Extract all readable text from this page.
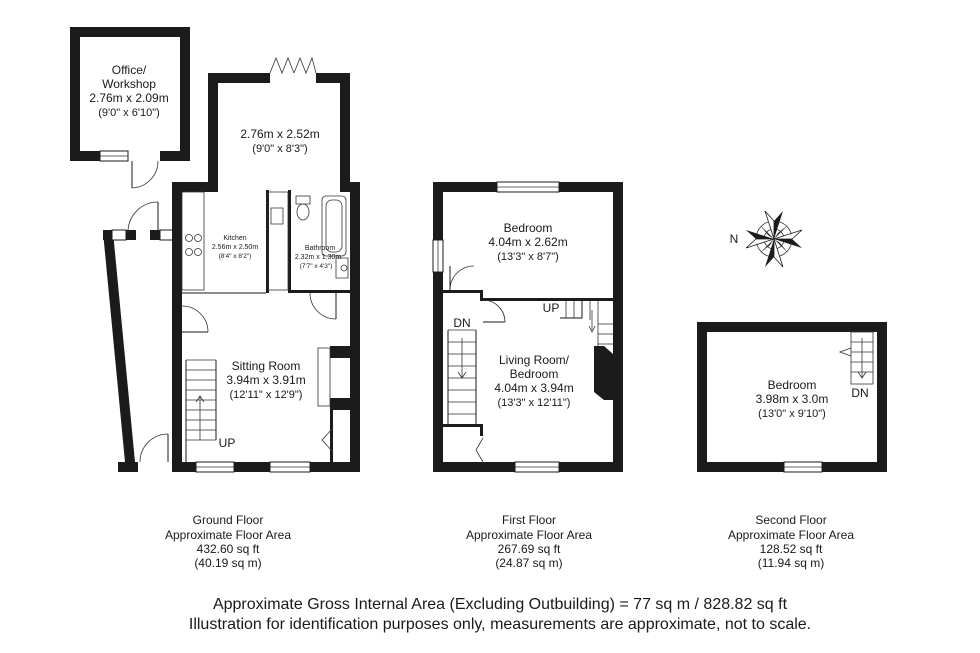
N
Office/
Workshop
2.76m x 2.09m
(9'0" x 6'10")
2.76m x 2.52m
(9'0" x 8'3")
Kitchen
2.56m x 2.50m
(8'4" x 8'2")
Bathroom
2.32m x 1.30m
(7'7" x 4'3")
Sitting Room
3.94m x 3.91m
(12'11" x 12'9")
Bedroom
4.04m x 2.62m
(13'3" x 8'7")
Living Room/
Bedroom
4.04m x 3.94m
(13'3" x 12'11")
Bedroom
3.98m x 3.0m
(13'0" x 9'10")
UP
DN
UP
DN
Ground Floor
Approximate Floor Area
432.60 sq ft
(40.19 sq m)
First Floor
Approximate Floor Area
267.69 sq ft
(24.87 sq m)
Second Floor
Approximate Floor Area
128.52 sq ft
(11.94 sq m)
Approximate Gross Internal Area (Excluding Outbuilding) = 77 sq m / 828.82 sq ft
Illustration for identification purposes only, measurements are approximate, not to scale.
